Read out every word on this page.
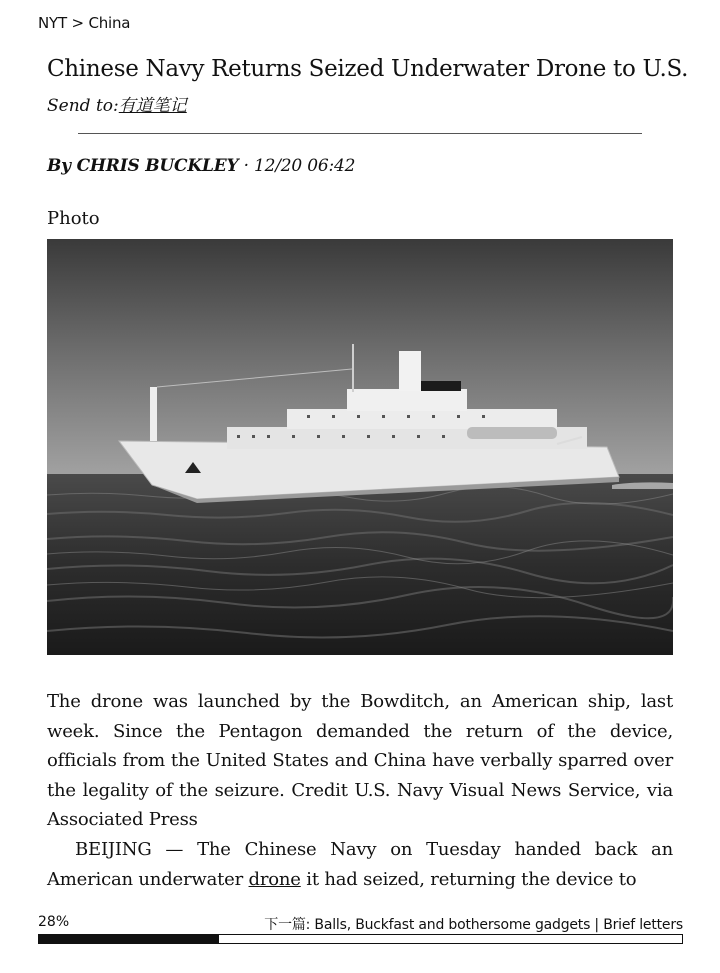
NYT > China
Chinese Navy Returns Seized Underwater Drone to U.S.
Send to:有道笔记
By CHRIS BUCKLEY · 12/20 06:42
Photo

The drone was launched by the Bowditch, an American ship, last week. Since the Pentagon demanded the return of the device, officials from the United States and China have verbally sparred over the legality of the seizure. Credit U.S. Navy Visual News Service, via Associated Press

BEIJING — The Chinese Navy on Tuesday handed back an American underwater drone it had seized, returning the device to

28%	下一篇: Balls, Buckfast and bothersome gadgets | Brief letters
